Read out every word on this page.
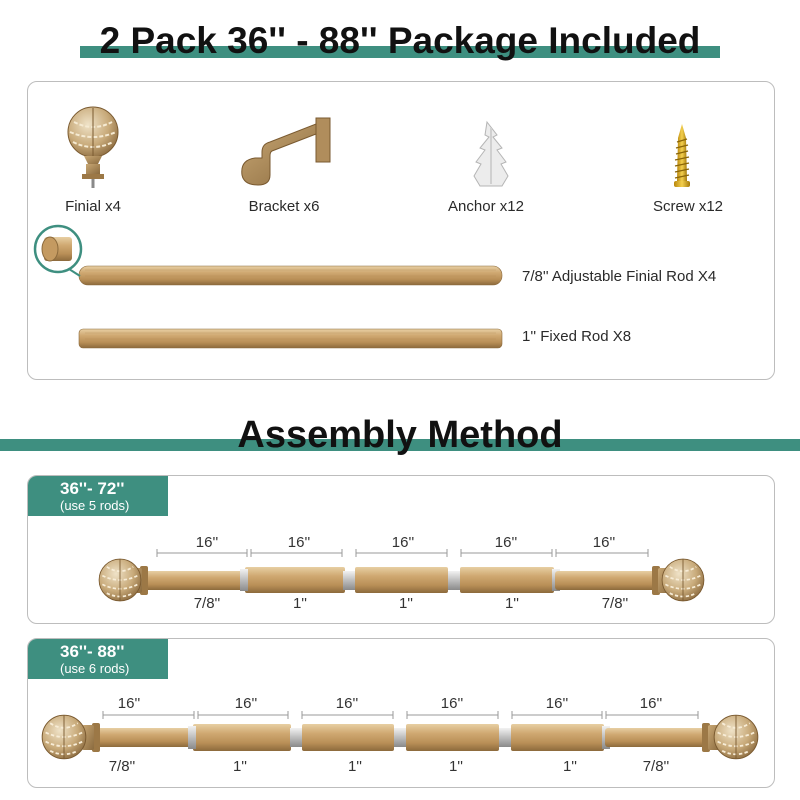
2 Pack 36'' - 88'' Package Included
Finial x4	Bracket x6	Anchor x12	Screw x12
7/8'' Adjustable Finial Rod X4
1'' Fixed Rod X8
Assembly Method
36''- 72''
(use 5 rods)
36''- 88''
(use 6 rods)
16''	16''	16''	16''	16''
7/8''	1''	1''	1''	7/8''
16''	16''	16''	16''	16''	16''
7/8''	1''	1''	1''	1''	7/8''
